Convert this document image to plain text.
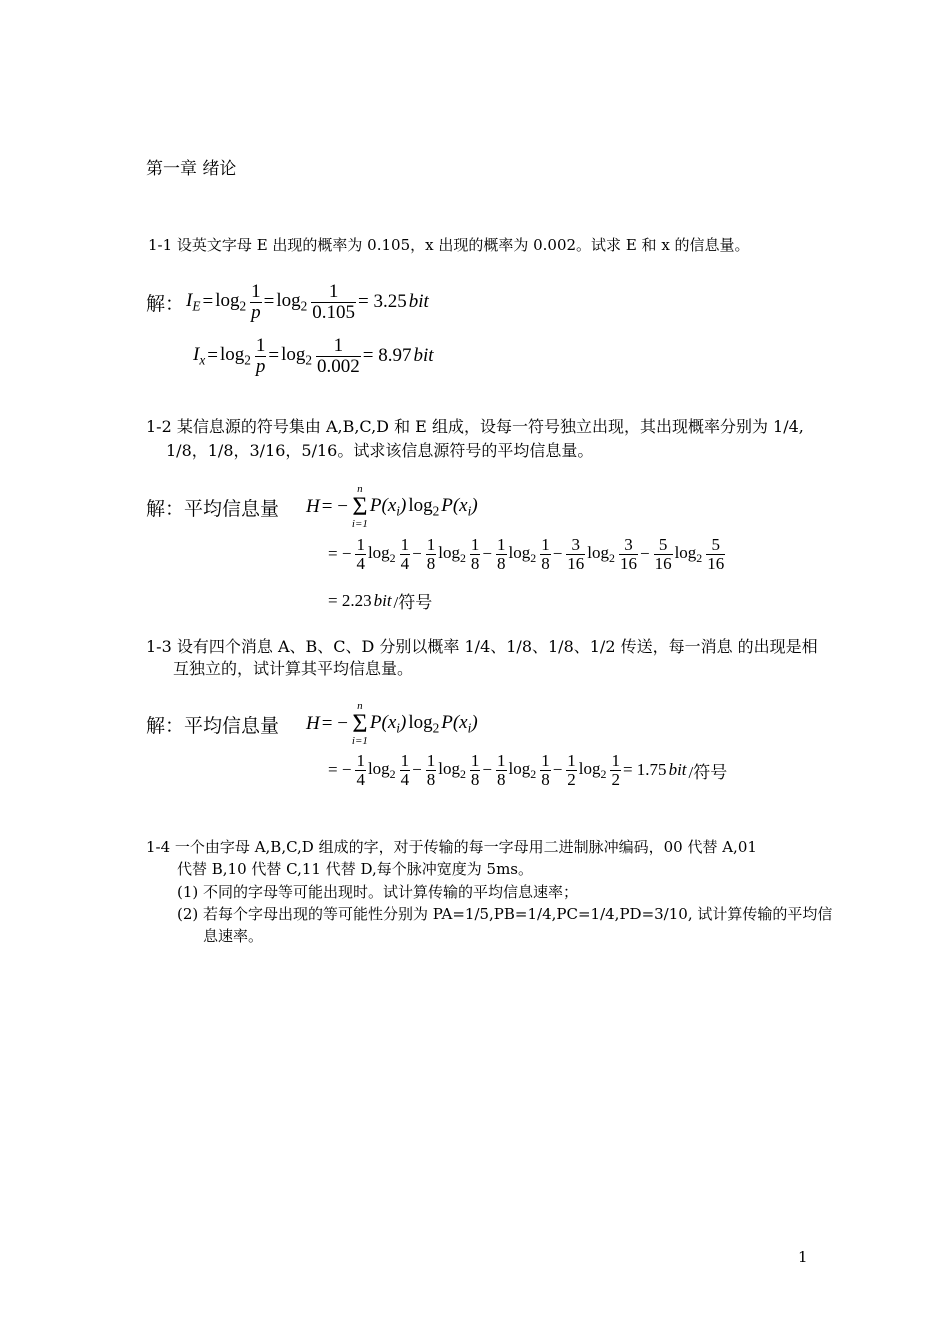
第一章 绪论
1-1 设英文字母 E 出现的概率为 0.105，x 出现的概率为 0.002。试求 E 和 x 的信息量。
解： $I_E = \log_2 \frac{1}{p} = \log_2 \frac{1}{0.105} = 3.25$ bit
$I_x = \log_2 \frac{1}{p} = \log_2 \frac{1}{0.002} = 8.97$ bit
1-2 某信息源的符号集由 A,B,C,D 和 E 组成，设每一符号独立出现，其出现概率分别为 1/4,
1/8，1/8，3/16，5/16。试求该信息源符号的平均信息量。
解：平均信息量 H = −
n
Σ
i=1
$P(x_i)$ $\log_2 P(x_i)$
= − $\frac{1}{4} \log_2 \frac{1}{4} - \frac{1}{8} \log_2 \frac{1}{8} - \frac{1}{8} \log_2 \frac{1}{8} - \frac{3}{16} \log_2 \frac{3}{16} - \frac{5}{16} \log_2 \frac{5}{16}$
= 2.23 bit /符号
1-3 设有四个消息 A、B、C、D 分别以概率 1/4、1/8、1/8、1/2 传送，每一消息 的出现是相
互独立的，试计算其平均信息量。
解：平均信息量 H = −
n
Σ
i=1
$P(x_i)$ $\log_2 P(x_i)$
= − $\frac{1}{4} \log_2 \frac{1}{4} - \frac{1}{8} \log_2 \frac{1}{8} - \frac{1}{8} \log_2 \frac{1}{8} - \frac{1}{2} \log_2 \frac{1}{2} = 1.75$ bit /符号
1-4 一个由字母 A,B,C,D 组成的字，对于传输的每一字母用二进制脉冲编码，00 代替 A,01
代替 B,10 代替 C,11 代替 D,每个脉冲宽度为 5ms。
(1) 不同的字母等可能出现时。试计算传输的平均信息速率；
(2) 若每个字母出现的等可能性分别为 PA=1/5,PB=1/4,PC=1/4,PD=3/10, 试计算传输的平均信
息速率。
1
